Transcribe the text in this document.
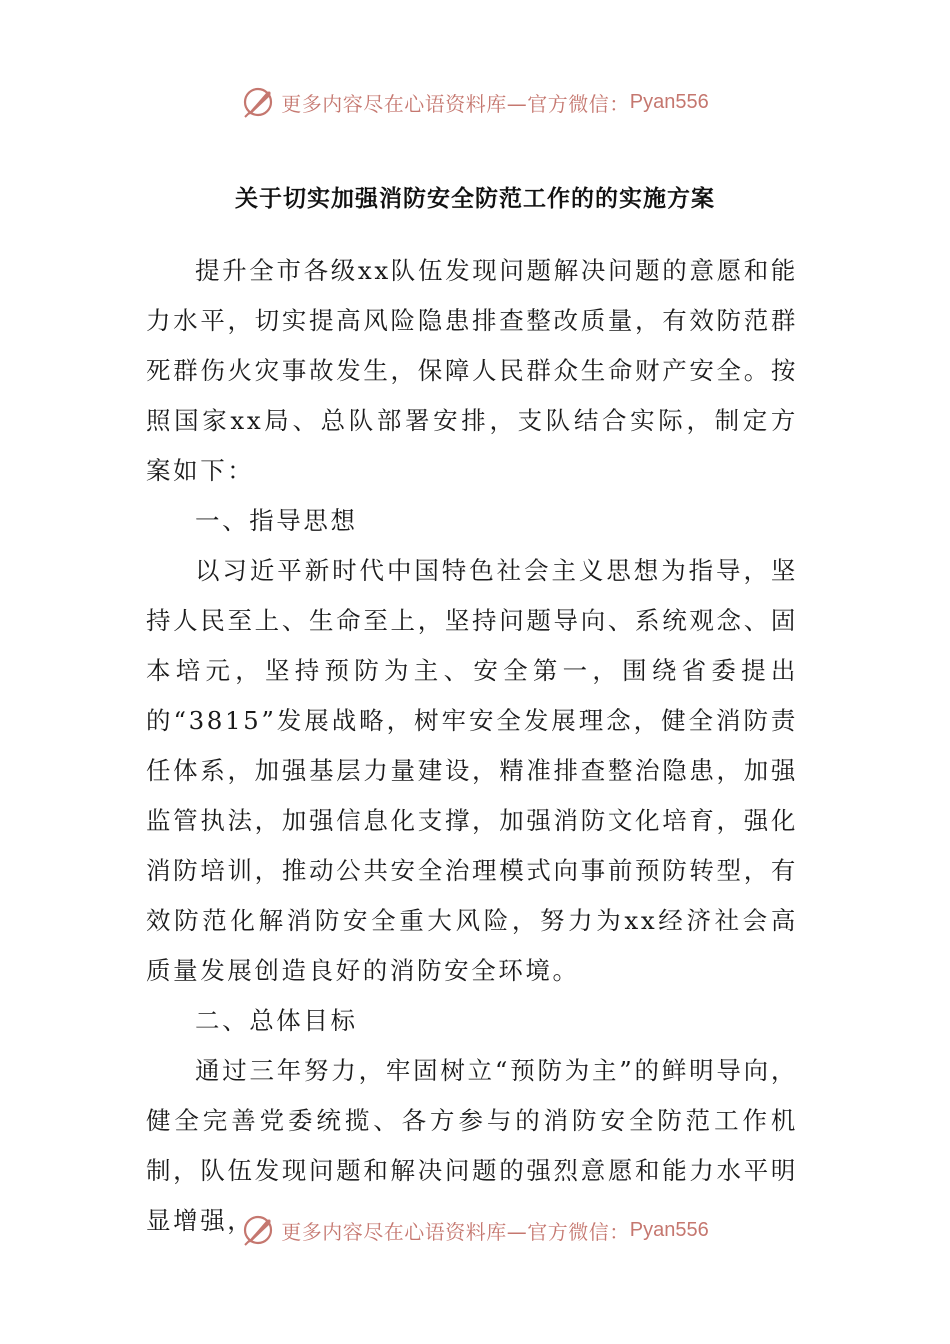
更多内容尽在心语资料库—官方微信： Pyan556
关于切实加强消防安全防范工作的的实施方案

提升全市各级xx队伍发现问题解决问题的意愿和能力水平，切实提高风险隐患排查整改质量，有效防范群死群伤火灾事故发生，保障人民群众生命财产安全。按照国家xx局、总队部署安排，支队结合实际，制定方案如下：

一、指导思想

以习近平新时代中国特色社会主义思想为指导，坚持人民至上、生命至上，坚持问题导向、系统观念、固本培元，坚持预防为主、安全第一，围绕省委提出的“3815”发展战略，树牢安全发展理念，健全消防责任体系，加强基层力量建设，精准排查整治隐患，加强监管执法，加强信息化支撑，加强消防文化培育，强化消防培训，推动公共安全治理模式向事前预防转型，有效防范化解消防安全重大风险，努力为xx经济社会高质量发展创造良好的消防安全环境。

二、总体目标

通过三年努力，牢固树立“预防为主”的鲜明导向，健全完善党委统揽、各方参与的消防安全防范工作机制，队伍发现问题和解决问题的强烈意愿和能力水平明显增强，	更多内容尽在心语资料库—官方微信： Pyan556
